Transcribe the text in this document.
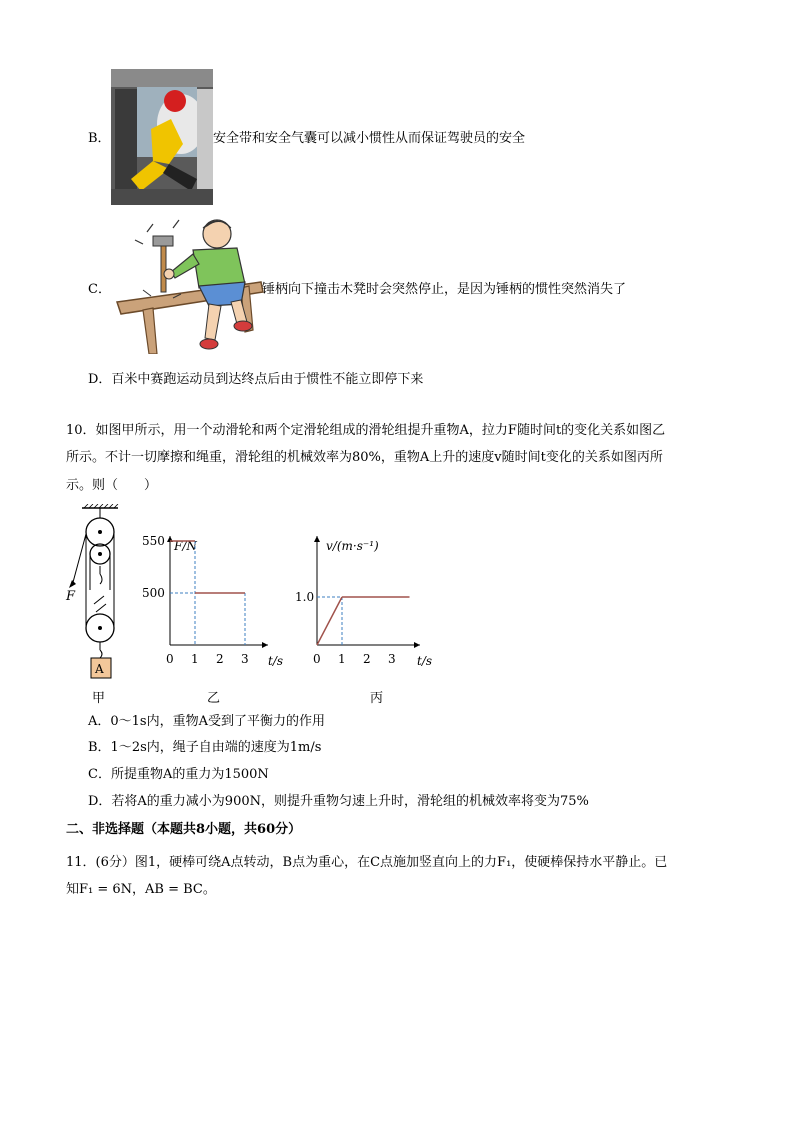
B．	安全带和安全气囊可以减小惯性从而保证驾驶员的安全
C．	锤柄向下撞击木凳时会突然停止，是因为锤柄的惯性突然消失了
D．百米中赛跑运动员到达终点后由于惯性不能立即停下来
10．如图甲所示，用一个动滑轮和两个定滑轮组成的滑轮组提升重物A，拉力F随时间t的变化关系如图乙
所示。不计一切摩擦和绳重，滑轮组的机械效率为80%，重物A上升的速度v随时间t变化的关系如图丙所
示。则（　　）
A
F
F/N
t/s
0 1 2 3
550
500
v/(m·s⁻¹)
t/s
0 1 2 3
1.0
甲	乙	丙
A．0～1s内，重物A受到了平衡力的作用
B．1～2s内，绳子自由端的速度为1m/s
C．所提重物A的重力为1500N
D．若将A的重力减小为900N，则提升重物匀速上升时，滑轮组的机械效率将变为75%
二、非选择题（本题共8小题，共60分）
11．(6分）图1，硬棒可绕A点转动，B点为重心，在C点施加竖直向上的力F₁，使硬棒保持水平静止。已
知F₁ = 6N，AB = BC。
